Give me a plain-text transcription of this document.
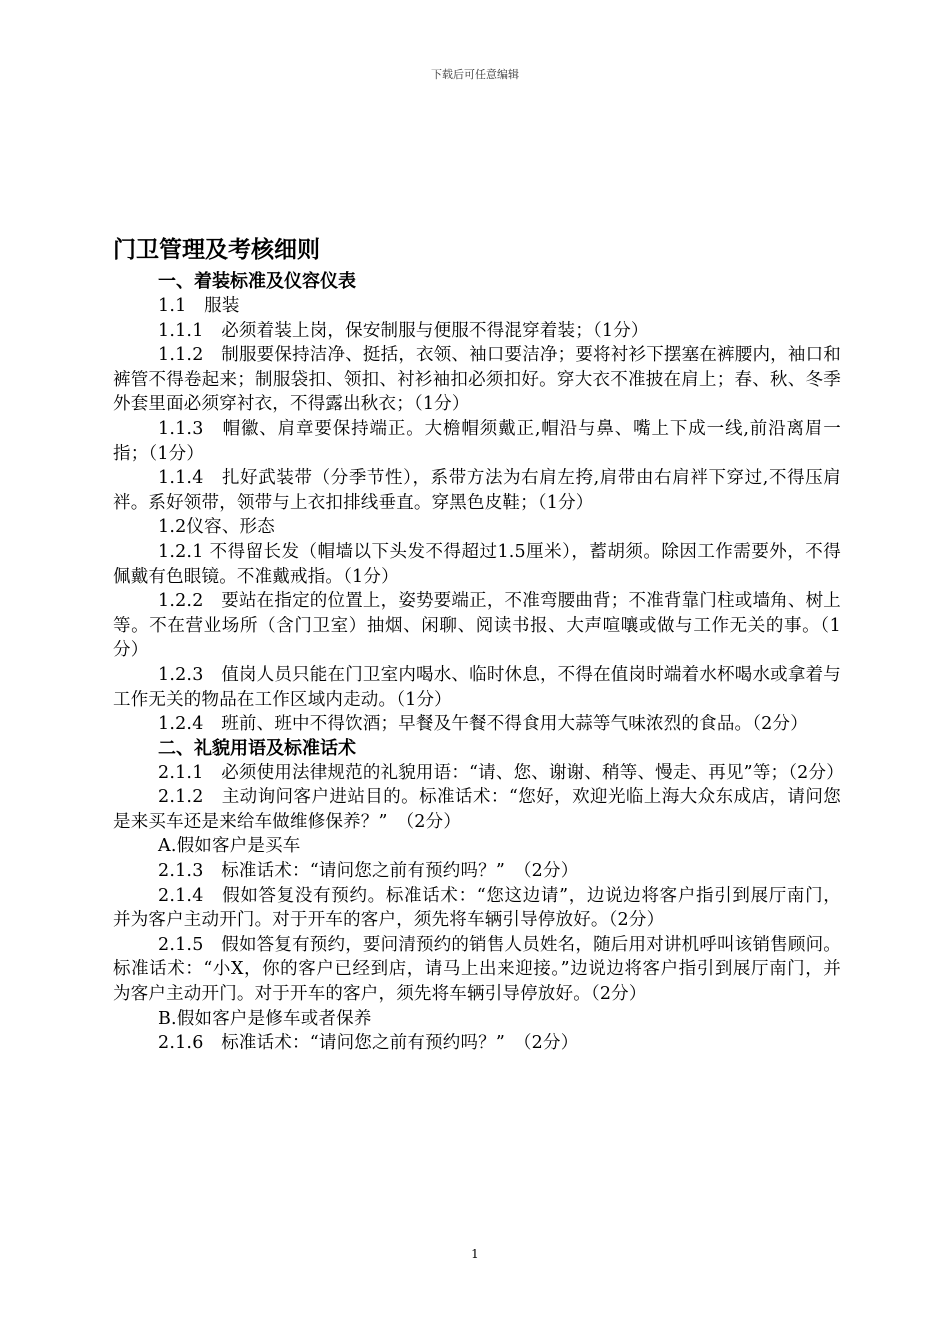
下载后可任意编辑
门卫管理及考核细则
一、着装标准及仪容仪表
1.1　服装
1.1.1　必须着装上岗，保安制服与便服不得混穿着装；（1分）
1.1.2　制服要保持洁净、挺括，衣领、袖口要洁净；要将衬衫下摆塞在裤腰内，袖口和裤管不得卷起来；制服袋扣、领扣、衬衫袖扣必须扣好。穿大衣不准披在肩上；春、秋、冬季外套里面必须穿衬衣，不得露出秋衣；（1分）
1.1.3　帽徽、肩章要保持端正。大檐帽须戴正,帽沿与鼻、嘴上下成一线,前沿离眉一指；（1分）
1.1.4　扎好武装带（分季节性），系带方法为右肩左挎,肩带由右肩袢下穿过,不得压肩袢。系好领带，领带与上衣扣排线垂直。穿黑色皮鞋；（1分）
1.2仪容、形态
1.2.1 不得留长发（帽墙以下头发不得超过1.5厘米），蓄胡须。除因工作需要外，不得佩戴有色眼镜。不准戴戒指。（1分）
1.2.2　要站在指定的位置上，姿势要端正，不准弯腰曲背；不准背靠门柱或墙角、树上等。不在营业场所（含门卫室）抽烟、闲聊、阅读书报、大声喧嚷或做与工作无关的事。（1分）
1.2.3　值岗人员只能在门卫室内喝水、临时休息，不得在值岗时端着水杯喝水或拿着与工作无关的物品在工作区域内走动。（1分）
1.2.4　班前、班中不得饮酒；早餐及午餐不得食用大蒜等气味浓烈的食品。（2分）
二、礼貌用语及标准话术
2.1.1　必须使用法律规范的礼貌用语：“请、您、谢谢、稍等、慢走、再见”等；（2分）
2.1.2　主动询问客户进站目的。标准话术：“您好，欢迎光临上海大众东成店，请问您是来买车还是来给车做维修保养？”　（2分）
A.假如客户是买车
2.1.3　标准话术：“请问您之前有预约吗？”　（2分）
2.1.4　假如答复没有预约。标准话术：“您这边请”，边说边将客户指引到展厅南门，并为客户主动开门。对于开车的客户，须先将车辆引导停放好。（2分）
2.1.5　假如答复有预约，要问清预约的销售人员姓名，随后用对讲机呼叫该销售顾问。标准话术：“小X，你的客户已经到店，请马上出来迎接。”边说边将客户指引到展厅南门，并为客户主动开门。对于开车的客户，须先将车辆引导停放好。（2分）
B.假如客户是修车或者保养
2.1.6　标准话术：“请问您之前有预约吗？”　（2分）
1
